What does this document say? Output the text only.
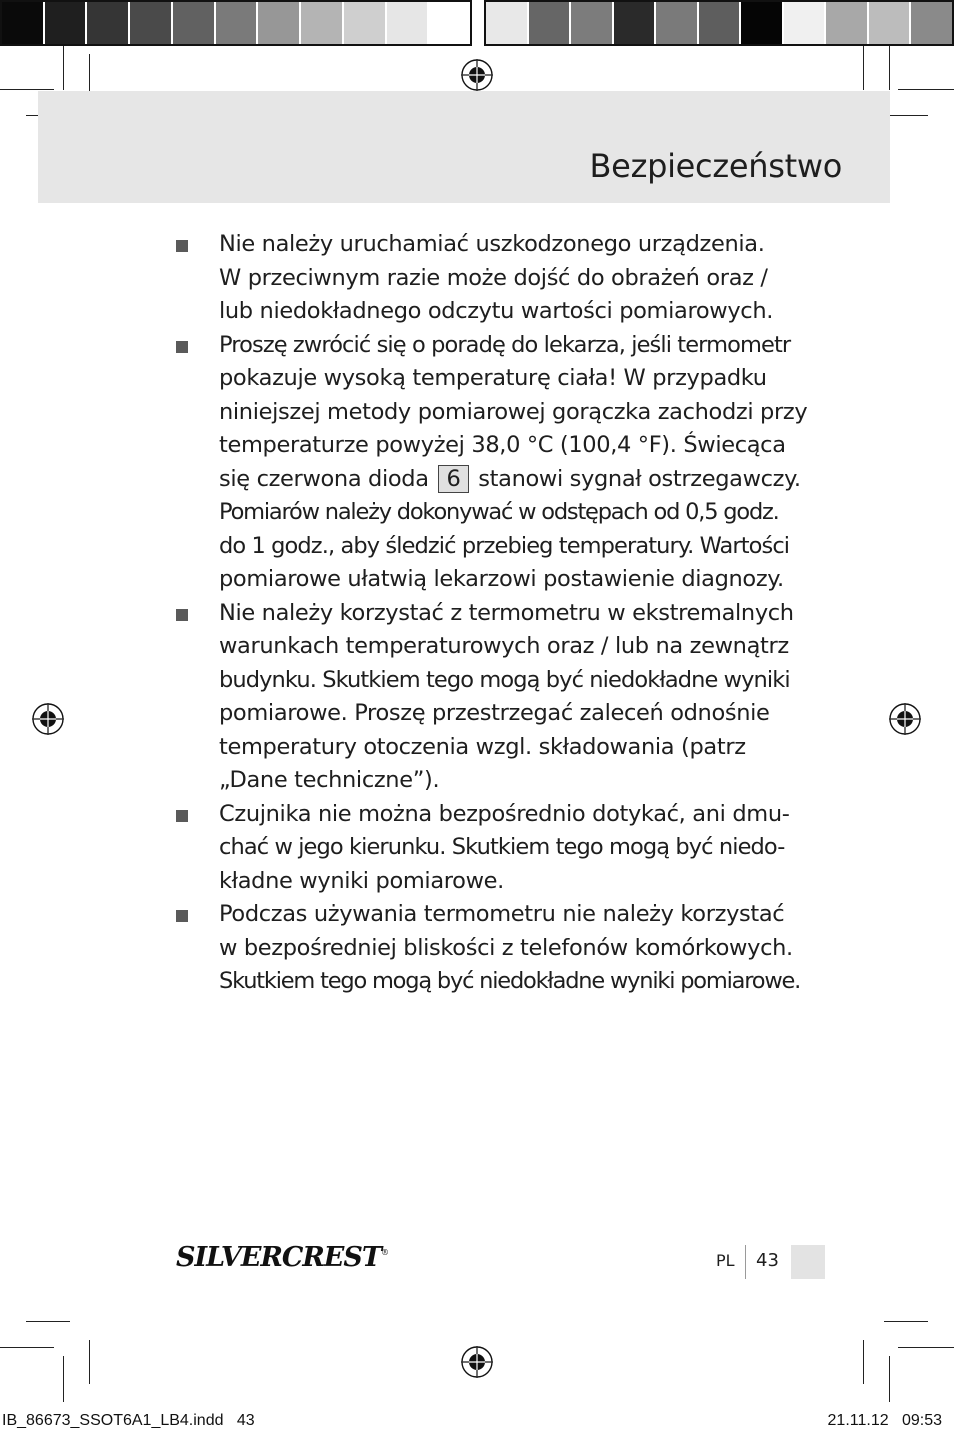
Bezpieczeństwo
Nie należy uruchamiać uszkodzonego urządzenia.
W przeciwnym razie może dojść do obrażeń oraz /
lub niedokładnego odczytu wartości pomiarowych.
Proszę zwrócić się o poradę do lekarza, jeśli termometr
pokazuje wysoką temperaturę ciała! W przypadku
niniejszej metody pomiarowej gorączka zachodzi przy
temperaturze powyżej 38,0 °C (100,4 °F). Świecąca
się czerwona dioda 6 stanowi sygnał ostrzegawczy.
Pomiarów należy dokonywać w odstępach od 0,5 godz.
do 1 godz., aby śledzić przebieg temperatury. Wartości
pomiarowe ułatwią lekarzowi postawienie diagnozy.
Nie należy korzystać z termometru w ekstremalnych
warunkach temperaturowych oraz / lub na zewnątrz
budynku. Skutkiem tego mogą być niedokładne wyniki
pomiarowe. Proszę przestrzegać zaleceń odnośnie
temperatury otoczenia wzgl. składowania (patrz
„Dane techniczne”).
Czujnika nie można bezpośrednio dotykać, ani dmu-
chać w jego kierunku. Skutkiem tego mogą być niedo-
kładne wyniki pomiarowe.
Podczas używania termometru nie należy korzystać
w bezpośredniej bliskości z telefonów komórkowych.
Skutkiem tego mogą być niedokładne wyniki pomiarowe.
SILVERCREST®	PL 43
IB_86673_SSOT6A1_LB4.indd   43	21.11.12   09:53
